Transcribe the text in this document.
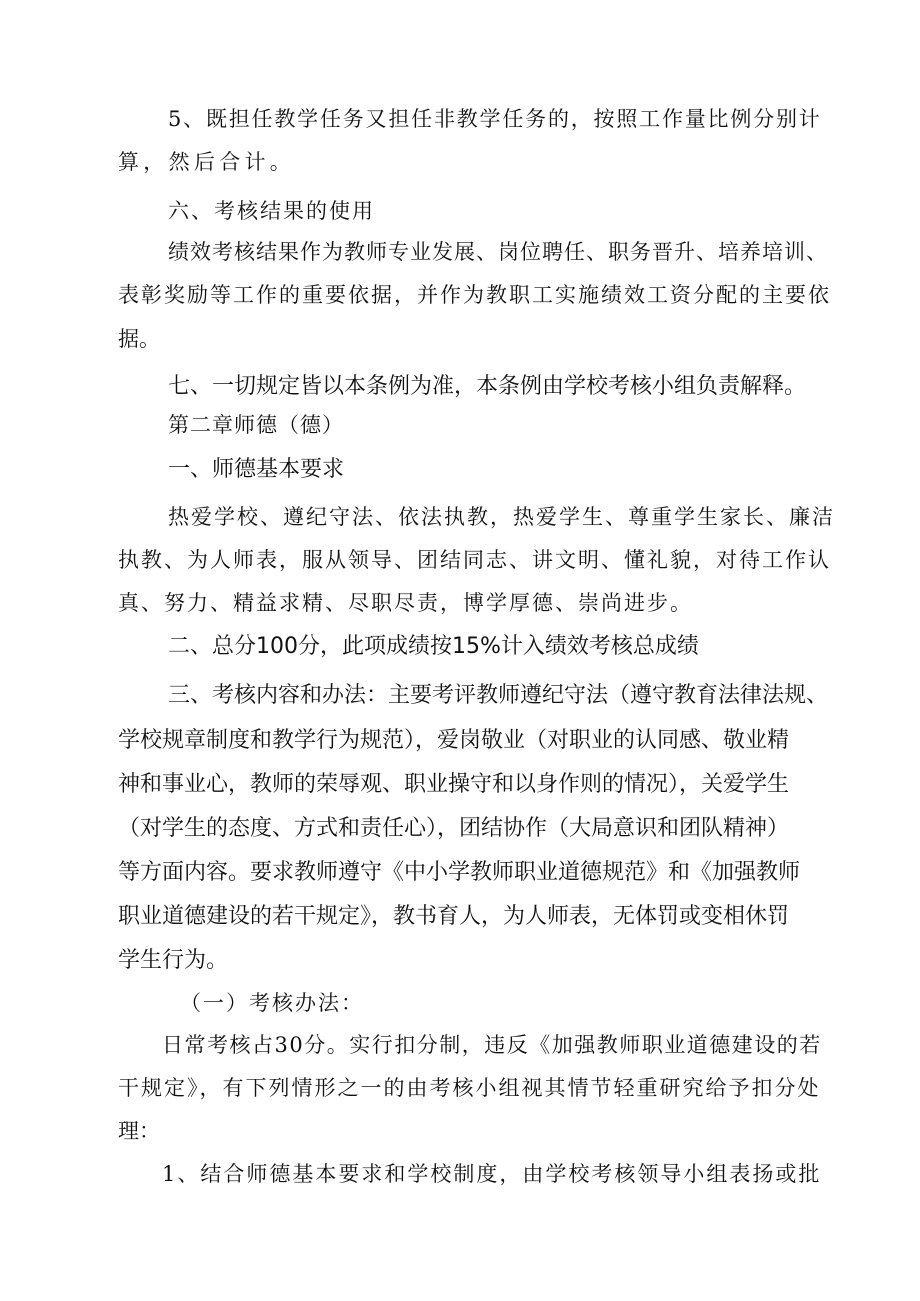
5、既担任教学任务又担任非教学任务的，按照工作量比例分别计
算，然后合计。
六、考核结果的使用
绩效考核结果作为教师专业发展、岗位聘任、职务晋升、培养培训、
表彰奖励等工作的重要依据，并作为教职工实施绩效工资分配的主要依
据。
七、一切规定皆以本条例为准，本条例由学校考核小组负责解释。
第二章师德（德）
一、师德基本要求
热爱学校、遵纪守法、依法执教，热爱学生、尊重学生家长、廉洁
执教、为人师表，服从领导、团结同志、讲文明、懂礼貌，对待工作认
真、努力、精益求精、尽职尽责，博学厚德、崇尚进步。
二、总分100分，此项成绩按15%计入绩效考核总成绩
三、考核内容和办法：主要考评教师遵纪守法（遵守教育法律法规、
学校规章制度和教学行为规范），爱岗敬业（对职业的认同感、敬业精
神和事业心，教师的荣辱观、职业操守和以身作则的情况），关爱学生
（对学生的态度、方式和责任心），团结协作（大局意识和团队精神）
等方面内容。要求教师遵守《中小学教师职业道德规范》和《加强教师
职业道德建设的若干规定》，教书育人，为人师表，无体罚或变相休罚
学生行为。
（一）考核办法：
日常考核占30分。实行扣分制，违反《加强教师职业道德建设的若
干规定》，有下列情形之一的由考核小组视其情节轻重研究给予扣分处
理：
1、结合师德基本要求和学校制度，由学校考核领导小组表扬或批
